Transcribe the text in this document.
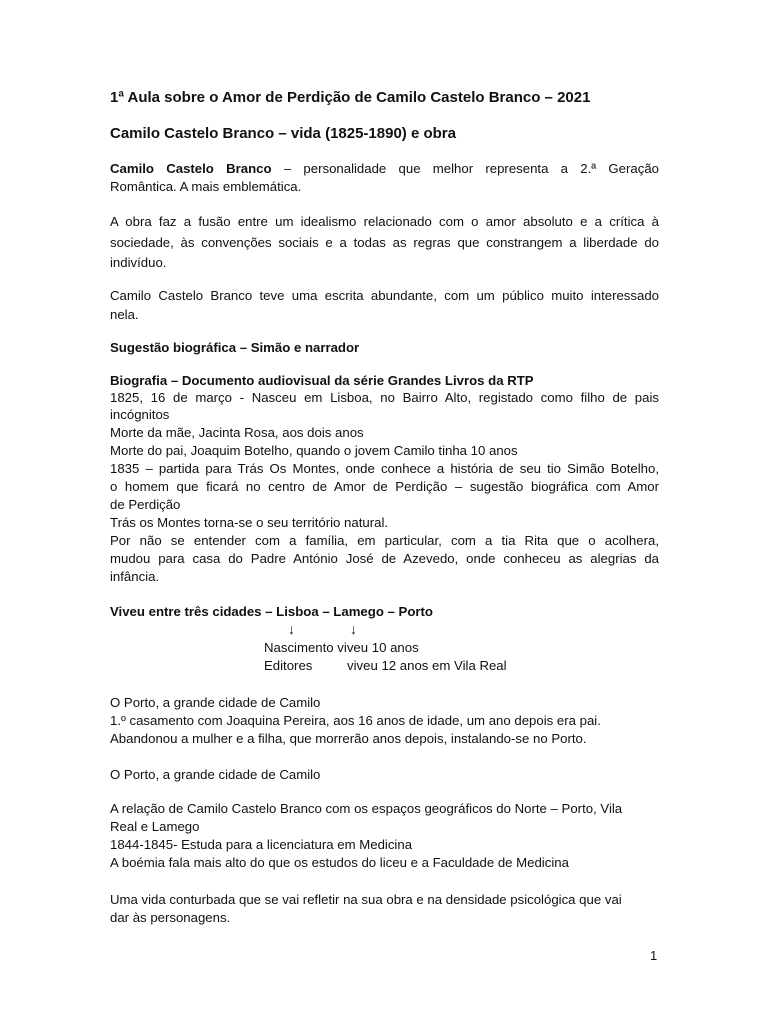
1ª Aula sobre o Amor de Perdição de Camilo Castelo Branco – 2021
Camilo Castelo Branco – vida (1825-1890) e obra
Camilo Castelo Branco – personalidade que melhor representa a 2.ª Geração
Romântica. A mais emblemática.
A obra faz a fusão entre um idealismo relacionado com o amor absoluto e a crítica à
sociedade, às convenções sociais e a todas as regras que constrangem a liberdade do
indivíduo.
Camilo Castelo Branco teve uma escrita abundante, com um público muito interessado
nela.
Sugestão biográfica – Simão e narrador
Biografia – Documento audiovisual da série Grandes Livros da RTP
1825, 16 de março - Nasceu em Lisboa, no Bairro Alto, registado como filho de pais
incógnitos
Morte da mãe, Jacinta Rosa, aos dois anos
Morte do pai, Joaquim Botelho, quando o jovem Camilo tinha 10 anos
1835 – partida para Trás Os Montes, onde conhece a história de seu tio Simão Botelho,
o homem que ficará no centro de Amor de Perdição – sugestão biográfica com Amor
de Perdição
Trás os Montes torna-se o seu território natural.
Por não se entender com a família, em particular, com a tia Rita que o acolhera,
mudou para casa do Padre António José de Azevedo, onde conheceu as alegrias da
infância.
Viveu entre três cidades – Lisboa – Lamego – Porto
↓	↓
Nascimento viveu 10 anos
Editores	viveu 12 anos em Vila Real
O Porto, a grande cidade de Camilo
1.º casamento com Joaquina Pereira, aos 16 anos de idade, um ano depois era pai.
Abandonou a mulher e a filha, que morrerão anos depois, instalando-se no Porto.
O Porto, a grande cidade de Camilo
A relação de Camilo Castelo Branco com os espaços geográficos do Norte – Porto, Vila
Real e Lamego
1844-1845- Estuda para a licenciatura em Medicina
A boémia fala mais alto do que os estudos do liceu e a Faculdade de Medicina
Uma vida conturbada que se vai refletir na sua obra e na densidade psicológica que vai
dar às personagens.
1
